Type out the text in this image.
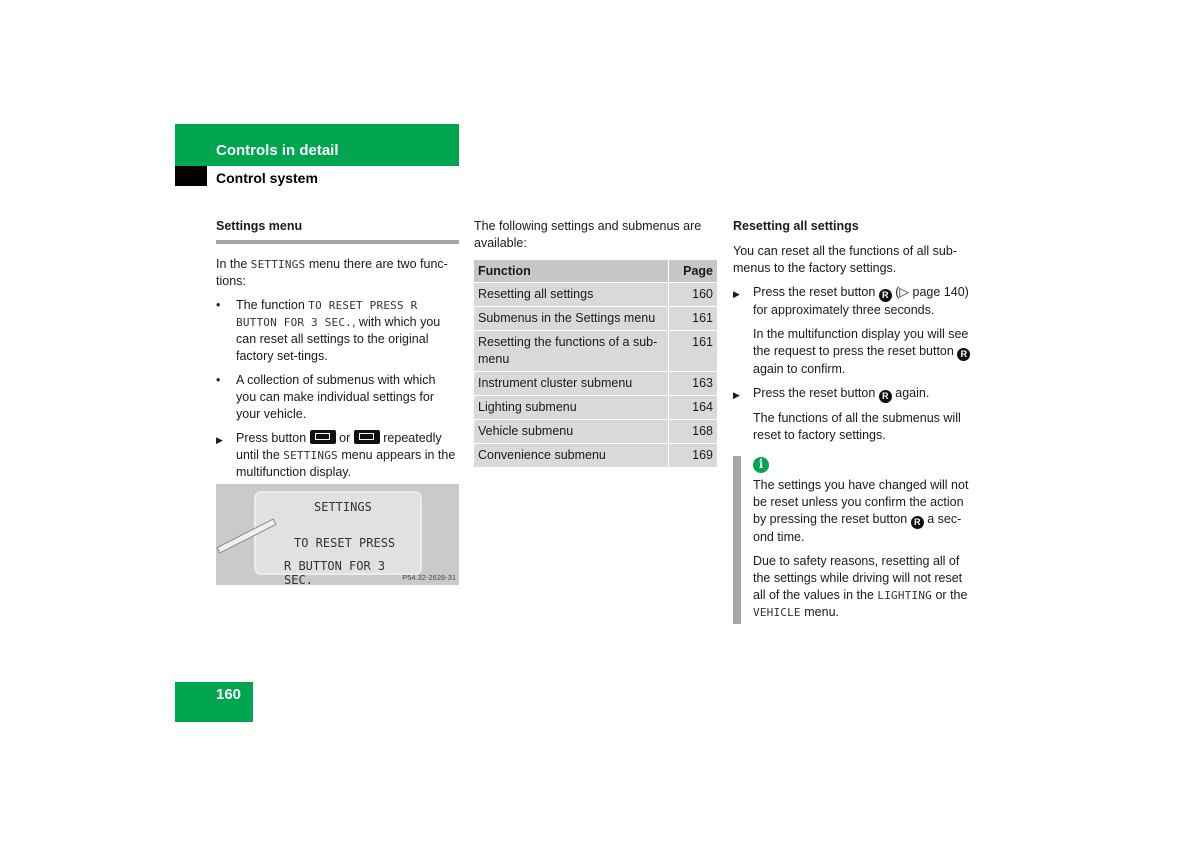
Controls in detail
Control system
Settings menu

In the SETTINGS menu there are two func-tions:

• The function TO RESET PRESS R BUTTON FOR 3 SEC., with which you can reset all settings to the original factory set-tings.
• A collection of submenus with which you can make individual settings for your vehicle.
▶ Press button	or	repeatedly until the SETTINGS menu appears in the multifunction display.
SETTINGS
TO RESET PRESS
R BUTTON FOR 3 SEC.	P54.32-2628-31

The following settings and submenus are available:

Function	Page
Resetting all settings	160
Submenus in the Settings menu	161
Resetting the functions of a sub-menu	161
Instrument cluster submenu	163
Lighting submenu	164
Vehicle submenu	168
Convenience submenu	169
Resetting all settings

You can reset all the functions of all sub-menus to the factory settings.

▶ Press the reset button R (▷ page 140) for approximately three seconds.

In the multifunction display you will see the request to press the reset button R again to confirm.

▶ Press the reset button R again.

The functions of all the submenus will reset to factory settings.

i

The settings you have changed will not be reset unless you confirm the action by pressing the reset button R a sec-ond time.

Due to safety reasons, resetting all of the settings while driving will not reset all of the values in the LIGHTING or the VEHICLE menu.

160
